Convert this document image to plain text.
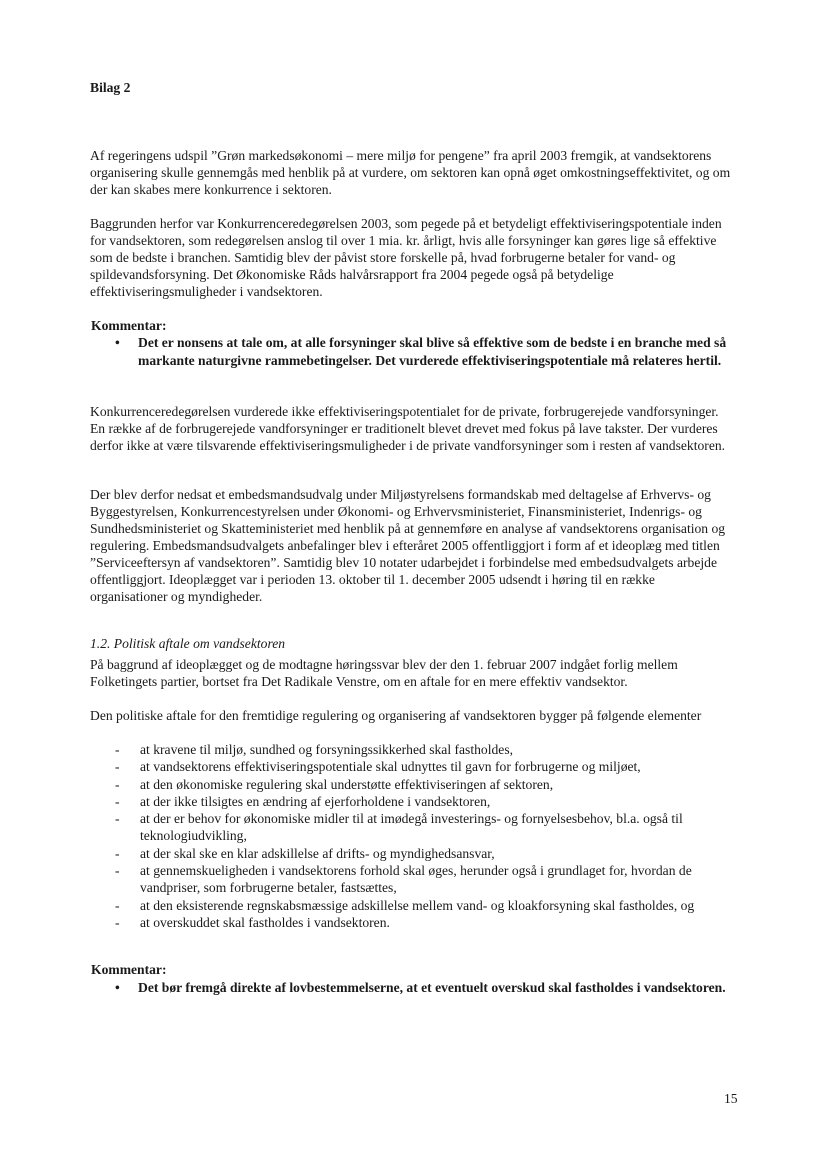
Bilag 2

Af regeringens udspil ”Grøn markedsøkonomi – mere miljø for pengene” fra april 2003 fremgik, at vandsektorens organisering skulle gennemgås med henblik på at vurdere, om sektoren kan opnå øget omkostningseffektivitet, og om der kan skabes mere konkurrence i sektoren.

Baggrunden herfor var Konkurrenceredegørelsen 2003, som pegede på et betydeligt effektiviseringspotentiale inden for vandsektoren, som redegørelsen anslog til over 1 mia. kr. årligt, hvis alle forsyninger kan gøres lige så effektive som de bedste i branchen. Samtidig blev der påvist store forskelle på, hvad forbrugerne betaler for vand- og spildevandsforsyning. Det Økonomiske Råds halvårsrapport fra 2004 pegede også på betydelige effektiviseringsmuligheder i vandsektoren.

Kommentar:

• Det er nonsens at tale om, at alle forsyninger skal blive så effektive som de bedste i en branche med så markante naturgivne rammebetingelser. Det vurderede effektiviseringspotentiale må relateres hertil.

Konkurrenceredegørelsen vurderede ikke effektiviseringspotentialet for de private, forbrugerejede vandforsyninger. En række af de forbrugerejede vandforsyninger er traditionelt blevet drevet med fokus på lave takster. Der vurderes derfor ikke at være tilsvarende effektiviseringsmuligheder i de private vandforsyninger som i resten af vandsektoren.

Der blev derfor nedsat et embedsmandsudvalg under Miljøstyrelsens formandskab med deltagelse af Erhvervs- og Byggestyrelsen, Konkurrencestyrelsen under Økonomi- og Erhvervsministeriet, Finansministeriet, Indenrigs- og Sundhedsministeriet og Skatteministeriet med henblik på at gennemføre en analyse af vandsektorens organisation og regulering. Embedsmandsudvalgets anbefalinger blev i efteråret 2005 offentliggjort i form af et ideoplæg med titlen ”Serviceeftersyn af vandsektoren”. Samtidig blev 10 notater udarbejdet i forbindelse med embedsudvalgets arbejde offentliggjort. Ideoplægget var i perioden 13. oktober til 1. december 2005 udsendt i høring til en række organisationer og myndigheder.

1.2. Politisk aftale om vandsektoren

På baggrund af ideoplægget og de modtagne høringssvar blev der den 1. februar 2007 indgået forlig mellem Folketingets partier, bortset fra Det Radikale Venstre, om en aftale for en mere effektiv vandsektor.

Den politiske aftale for den fremtidige regulering og organisering af vandsektoren bygger på følgende elementer

- at kravene til miljø, sundhed og forsyningssikkerhed skal fastholdes,
- at vandsektorens effektiviseringspotentiale skal udnyttes til gavn for forbrugerne og miljøet,
- at den økonomiske regulering skal understøtte effektiviseringen af sektoren,
- at der ikke tilsigtes en ændring af ejerforholdene i vandsektoren,
- at der er behov for økonomiske midler til at imødegå investerings- og fornyelsesbehov, bl.a. også til teknologiudvikling,
- at der skal ske en klar adskillelse af drifts- og myndighedsansvar,
- at gennemskueligheden i vandsektorens forhold skal øges, herunder også i grundlaget for, hvordan de vandpriser, som forbrugerne betaler, fastsættes,
- at den eksisterende regnskabsmæssige adskillelse mellem vand- og kloakforsyning skal fastholdes, og
- at overskuddet skal fastholdes i vandsektoren.

Kommentar:

• Det bør fremgå direkte af lovbestemmelserne, at et eventuelt overskud skal fastholdes i vandsektoren.

15
